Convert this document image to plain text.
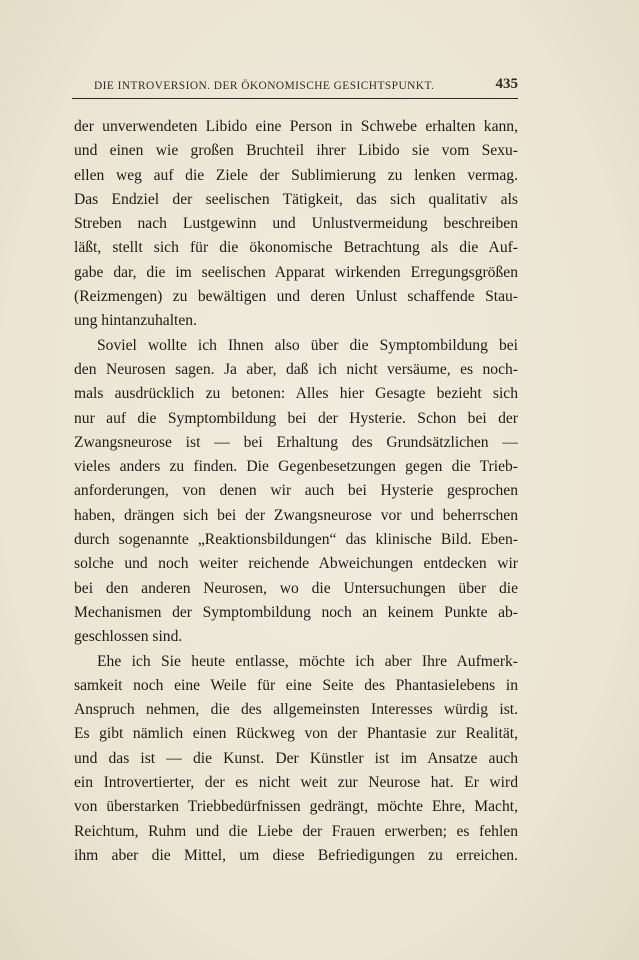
DIE INTROVERSION. DER ÖKONOMISCHE GESICHTSPUNKT.	435
der unverwendeten Libido eine Person in Schwebe erhalten kann,
und einen wie großen Bruchteil ihrer Libido sie vom Sexu-
ellen weg auf die Ziele der Sublimierung zu lenken vermag.
Das Endziel der seelischen Tätigkeit, das sich qualitativ als
Streben nach Lustgewinn und Unlustvermeidung beschreiben
läßt, stellt sich für die ökonomische Betrachtung als die Auf-
gabe dar, die im seelischen Apparat wirkenden Erregungsgrößen
(Reizmengen) zu bewältigen und deren Unlust schaffende Stau-
ung hintanzuhalten.
Soviel wollte ich Ihnen also über die Symptombildung bei
den Neurosen sagen. Ja aber, daß ich nicht versäume, es noch-
mals ausdrücklich zu betonen: Alles hier Gesagte bezieht sich
nur auf die Symptombildung bei der Hysterie. Schon bei der
Zwangsneurose ist — bei Erhaltung des Grundsätzlichen —
vieles anders zu finden. Die Gegenbesetzungen gegen die Trieb-
anforderungen, von denen wir auch bei Hysterie gesprochen
haben, drängen sich bei der Zwangsneurose vor und beherrschen
durch sogenannte „Reaktionsbildungen“ das klinische Bild. Eben-
solche und noch weiter reichende Abweichungen entdecken wir
bei den anderen Neurosen, wo die Untersuchungen über die
Mechanismen der Symptombildung noch an keinem Punkte ab-
geschlossen sind.
Ehe ich Sie heute entlasse, möchte ich aber Ihre Aufmerk-
samkeit noch eine Weile für eine Seite des Phantasielebens in
Anspruch nehmen, die des allgemeinsten Interesses würdig ist.
Es gibt nämlich einen Rückweg von der Phantasie zur Realität,
und das ist — die Kunst. Der Künstler ist im Ansatze auch
ein Introvertierter, der es nicht weit zur Neurose hat. Er wird
von überstarken Triebbedürfnissen gedrängt, möchte Ehre, Macht,
Reichtum, Ruhm und die Liebe der Frauen erwerben; es fehlen
ihm aber die Mittel, um diese Befriedigungen zu erreichen.
